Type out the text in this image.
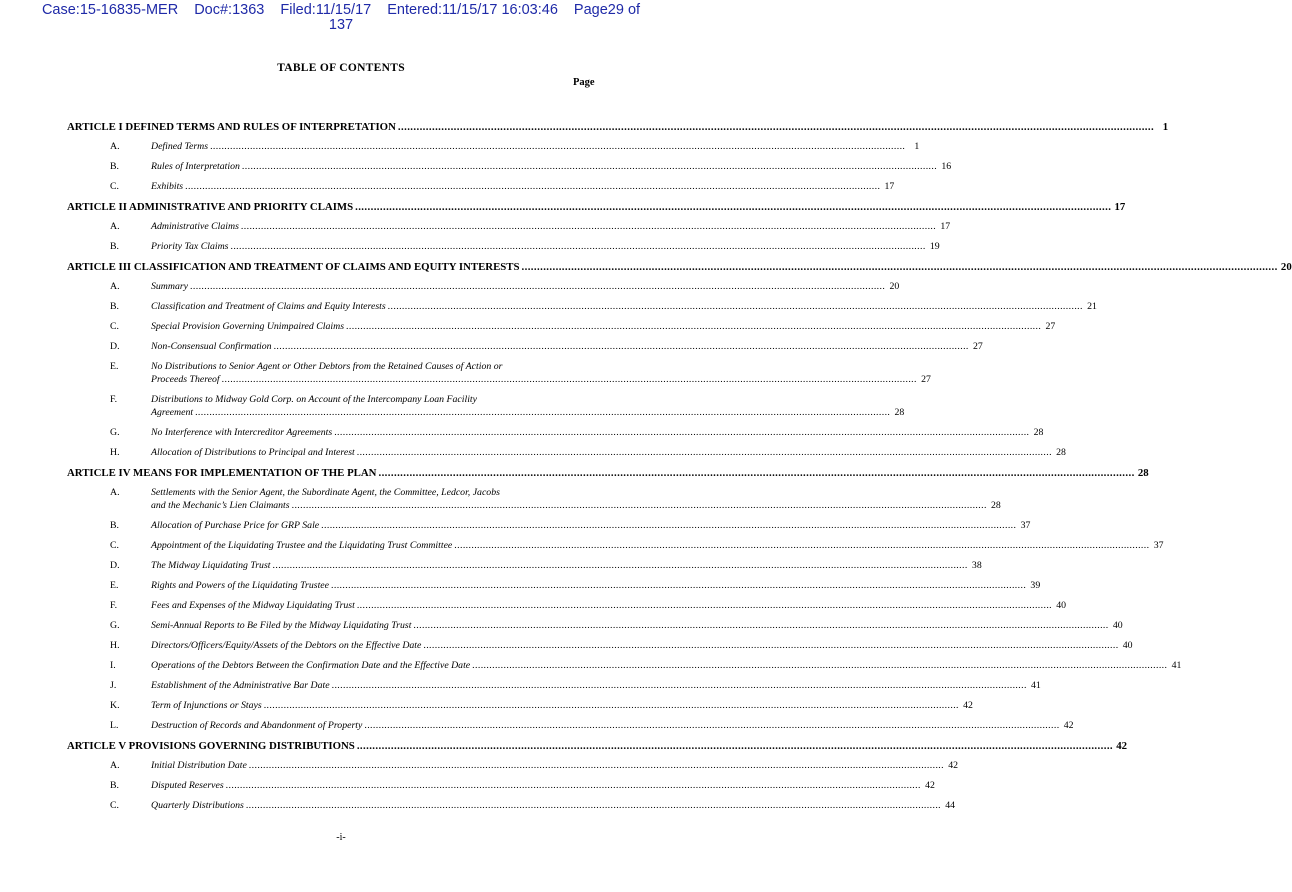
Case:15-16835-MER Doc#:1363 Filed:11/15/17 Entered:11/15/17 16:03:46 Page29 of
137
TABLE OF CONTENTS
Page
ARTICLE I DEFINED TERMS AND RULES OF INTERPRETATION .....	1
A.	Defined Terms .....	1
B.	Rules of Interpretation .....	16
C.	Exhibits .....	17
ARTICLE II ADMINISTRATIVE AND PRIORITY CLAIMS .....	17
A.	Administrative Claims .....	17
B.	Priority Tax Claims .....	19
ARTICLE III CLASSIFICATION AND TREATMENT OF CLAIMS AND EQUITY INTERESTS .....	20
A.	Summary .....	20
B.	Classification and Treatment of Claims and Equity Interests .....	21
C.	Special Provision Governing Unimpaired Claims .....	27
D.	Non-Consensual Confirmation .....	27
E.	No Distributions to Senior Agent or Other Debtors from the Retained Causes of Action or
Proceeds Thereof .....	27
F.	Distributions to Midway Gold Corp. on Account of the Intercompany Loan Facility
Agreement .....	28
G.	No Interference with Intercreditor Agreements .....	28
H.	Allocation of Distributions to Principal and Interest .....	28
ARTICLE IV MEANS FOR IMPLEMENTATION OF THE PLAN .....	28
A.	Settlements with the Senior Agent, the Subordinate Agent, the Committee, Ledcor, Jacobs
and the Mechanic’s Lien Claimants .....	28
B.	Allocation of Purchase Price for GRP Sale .....	37
C.	Appointment of the Liquidating Trustee and the Liquidating Trust Committee .....	37
D.	The Midway Liquidating Trust .....	38
E.	Rights and Powers of the Liquidating Trustee .....	39
F.	Fees and Expenses of the Midway Liquidating Trust .....	40
G.	Semi-Annual Reports to Be Filed by the Midway Liquidating Trust .....	40
H.	Directors/Officers/Equity/Assets of the Debtors on the Effective Date .....	40
I.	Operations of the Debtors Between the Confirmation Date and the Effective Date .....	41
J.	Establishment of the Administrative Bar Date .....	41
K.	Term of Injunctions or Stays .....	42
L.	Destruction of Records and Abandonment of Property .....	42
ARTICLE V PROVISIONS GOVERNING DISTRIBUTIONS .....	42
A.	Initial Distribution Date .....	42
B.	Disputed Reserves .....	42
C.	Quarterly Distributions .....	44
-i-
